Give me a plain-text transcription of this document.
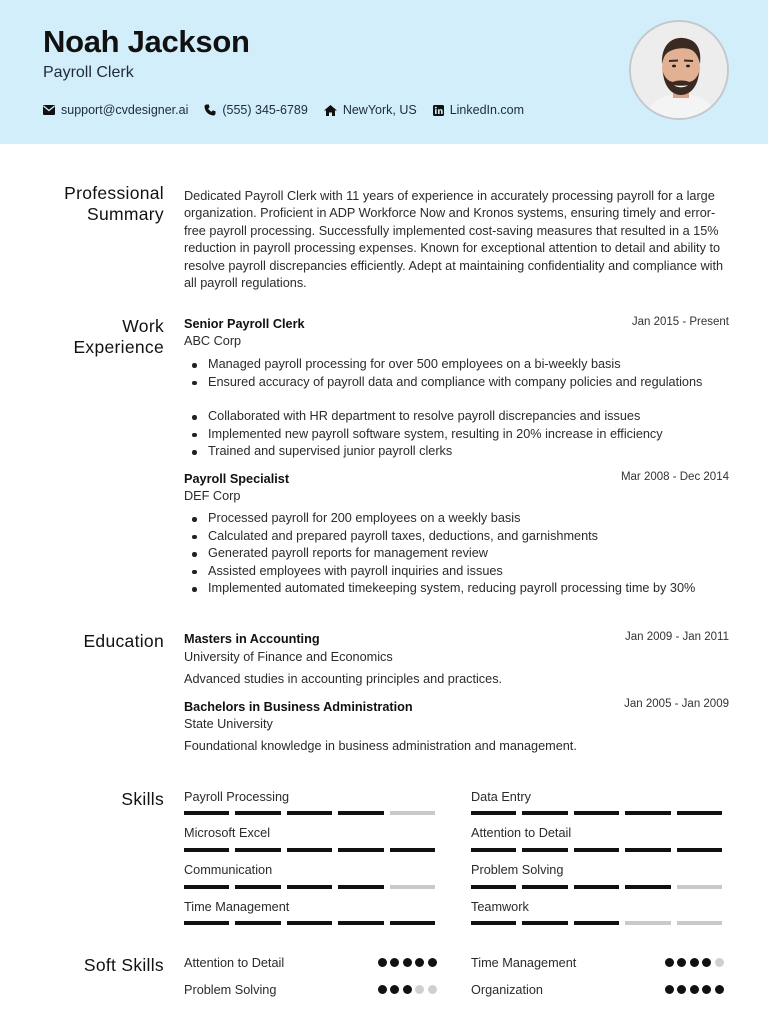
Noah Jackson
Payroll Clerk
support@cvdesigner.ai	(555) 345-6789	NewYork, US	LinkedIn.com
Professional
Summary
Dedicated Payroll Clerk with 11 years of experience in accurately processing payroll for a large organization. Proficient in ADP Workforce Now and Kronos systems, ensuring timely and error-free payroll processing. Successfully implemented cost-saving measures that resulted in a 15% reduction in payroll processing expenses. Known for exceptional attention to detail and ability to resolve payroll discrepancies efficiently. Adept at maintaining confidentiality and compliance with all payroll regulations.
Work
Experience
Senior Payroll Clerk	Jan 2015 - Present
ABC Corp
Managed payroll processing for over 500 employees on a bi-weekly basis
Ensured accuracy of payroll data and compliance with company policies and regulations
Collaborated with HR department to resolve payroll discrepancies and issues
Implemented new payroll software system, resulting in 20% increase in efficiency
Trained and supervised junior payroll clerks
Payroll Specialist	Mar 2008 - Dec 2014
DEF Corp
Processed payroll for 200 employees on a weekly basis
Calculated and prepared payroll taxes, deductions, and garnishments
Generated payroll reports for management review
Assisted employees with payroll inquiries and issues
Implemented automated timekeeping system, reducing payroll processing time by 30%
Education Masters in Accounting	Jan 2009 - Jan 2011
University of Finance and Economics
Advanced studies in accounting principles and practices.
Bachelors in Business Administration	Jan 2005 - Jan 2009
State University
Foundational knowledge in business administration and management.
Skills Payroll Processing	Data Entry
Microsoft Excel	Attention to Detail
Communication	Problem Solving
Time Management	Teamwork
Soft Skills Attention to Detail	Time Management
Problem Solving	Organization
